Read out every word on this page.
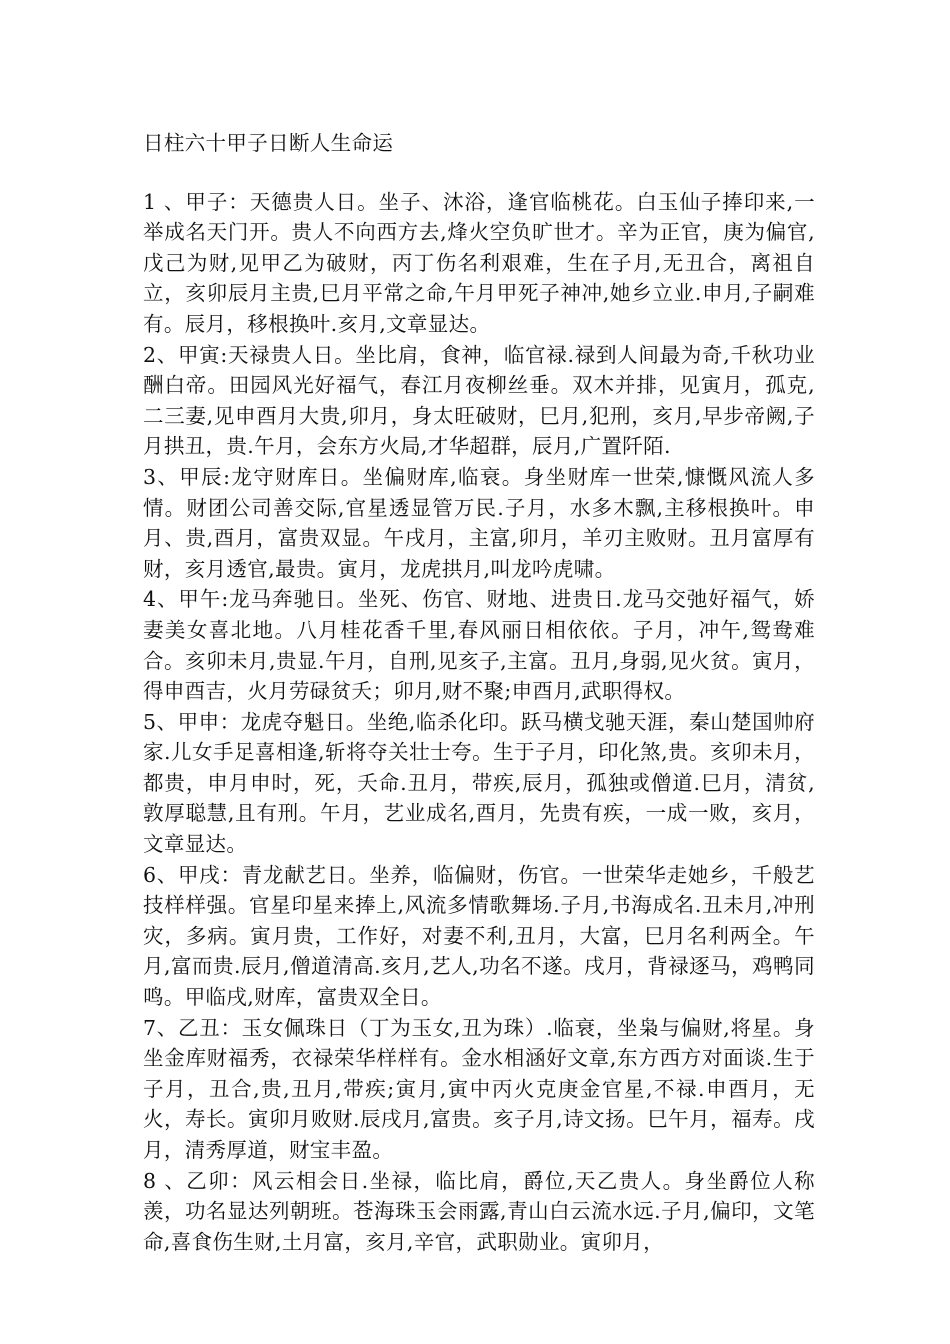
日柱六十甲子日断人生命运

1 、甲子：天德贵人日。坐子、沐浴，逢官临桃花。白玉仙子捧印来,一举成名天门开。贵人不向西方去,烽火空负旷世才。辛为正官，庚为偏官,戊己为财,见甲乙为破财，丙丁伤名利艰难，生在子月,无丑合，离祖自立，亥卯辰月主贵,巳月平常之命,午月甲死子神冲,她乡立业.申月,子嗣难有。辰月，移根换叶.亥月,文章显达。

2、甲寅:天禄贵人日。坐比肩，食神，临官禄.禄到人间最为奇,千秋功业酬白帝。田园风光好福气，春江月夜柳丝垂。双木并排，见寅月，孤克,二三妻,见申酉月大贵,卯月，身太旺破财，巳月,犯刑，亥月,早步帝阙,子月拱丑，贵.午月，会东方火局,才华超群，辰月,广置阡陌.

3、甲辰:龙守财库日。坐偏财库,临衰。身坐财库一世荣,慷慨风流人多情。财团公司善交际,官星透显管万民.子月，水多木飘,主移根换叶。申月、贵,酉月，富贵双显。午戌月，主富,卯月，羊刃主败财。丑月富厚有财，亥月透官,最贵。寅月，龙虎拱月,叫龙吟虎啸。

4、甲午:龙马奔驰日。坐死、伤官、财地、进贵日.龙马交弛好福气，娇妻美女喜北地。八月桂花香千里,春风丽日相依依。子月，冲午,鸳鸯难合。亥卯未月,贵显.午月，自刑,见亥子,主富。丑月,身弱,见火贫。寅月，得申酉吉，火月劳碌贫夭；卯月,财不聚;申酉月,武职得权。

5、甲申：龙虎夺魁日。坐绝,临杀化印。跃马横戈驰天涯，秦山楚国帅府家.儿女手足喜相逢,斩将夺关壮士夸。生于子月，印化煞,贵。亥卯未月，都贵，申月申时，死，夭命.丑月，带疾,辰月，孤独或僧道.巳月，清贫,敦厚聪慧,且有刑。午月，艺业成名,酉月，先贵有疾，一成一败，亥月，文章显达。

6、甲戌：青龙献艺日。坐养，临偏财，伤官。一世荣华走她乡，千般艺技样样强。官星印星来捧上,风流多情歌舞场.子月,书海成名.丑未月,冲刑灾，多病。寅月贵，工作好，对妻不利,丑月，大富，巳月名利两全。午月,富而贵.辰月,僧道清高.亥月,艺人,功名不遂。戌月，背禄逐马，鸡鸭同鸣。甲临戌,财库，富贵双全日。

7、乙丑：玉女佩珠日（丁为玉女,丑为珠）.临衰，坐枭与偏财,将星。身坐金库财福秀，衣禄荣华样样有。金水相涵好文章,东方西方对面谈.生于子月，丑合,贵,丑月,带疾;寅月,寅中丙火克庚金官星,不禄.申酉月，无火，寿长。寅卯月败财.辰戌月,富贵。亥子月,诗文扬。巳午月，福寿。戌月，清秀厚道，财宝丰盈。

8 、乙卯：风云相会日.坐禄，临比肩，爵位,天乙贵人。身坐爵位人称羡，功名显达列朝班。苍海珠玉会雨露,青山白云流水远.子月,偏印，文笔命,喜食伤生财,土月富，亥月,辛官，武职勋业。寅卯月，
